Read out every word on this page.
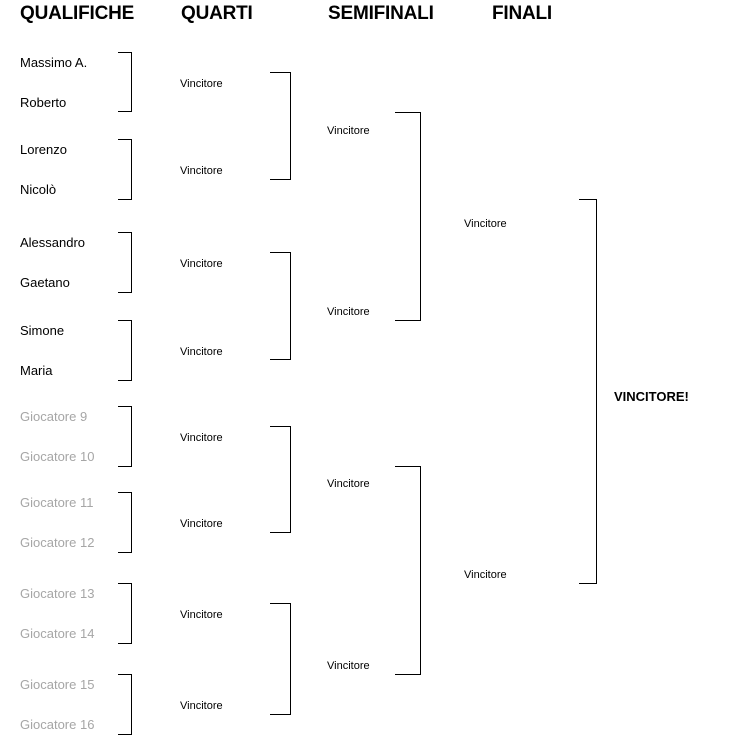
QUALIFICHE QUARTI	SEMIFINALI	FINALI
Massimo A.
Roberto
Lorenzo
Nicolò
Alessandro
Gaetano
Simone
Maria
Giocatore 9
Giocatore 10
Giocatore 11
Giocatore 12
Giocatore 13
Giocatore 14
Giocatore 15
Giocatore 16
Vincitore
Vincitore
Vincitore
Vincitore
Vincitore
Vincitore
Vincitore
Vincitore
Vincitore
Vincitore
Vincitore
Vincitore
Vincitore
Vincitore
VINCITORE!
